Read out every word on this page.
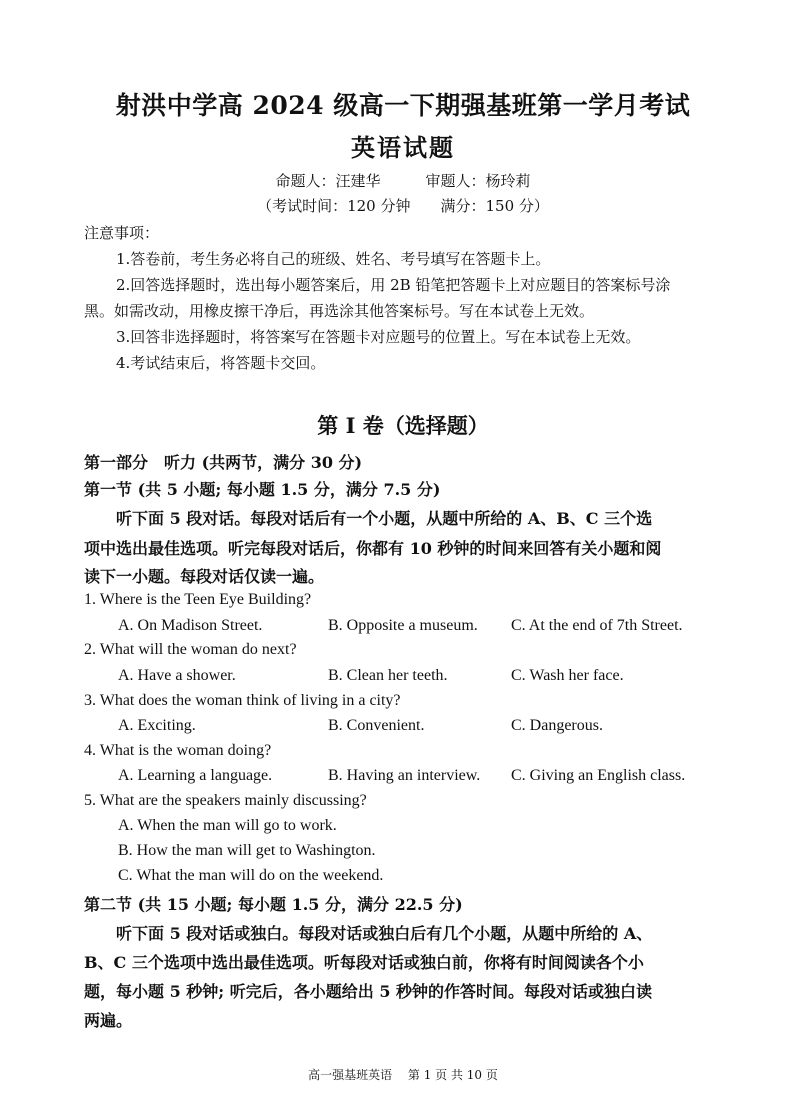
射洪中学高 2024 级高一下期强基班第一学月考试
英语试题
命题人：汪建华　　　审题人：杨玲莉
（考试时间：120 分钟　　满分：150 分）
注意事项：
1.答卷前，考生务必将自己的班级、姓名、考号填写在答题卡上。
2.回答选择题时，选出每小题答案后，用 2B 铅笔把答题卡上对应题目的答案标号涂
黑。如需改动，用橡皮擦干净后，再选涂其他答案标号。写在本试卷上无效。
3.回答非选择题时，将答案写在答题卡对应题号的位置上。写在本试卷上无效。
4.考试结束后，将答题卡交回。
第 I 卷（选择题）
第一部分　听力 (共两节，满分 30 分)
第一节 (共 5 小题; 每小题 1.5 分，满分 7.5 分)
听下面 5 段对话。每段对话后有一个小题，从题中所给的 A、B、C 三个选
项中选出最佳选项。听完每段对话后，你都有 10 秒钟的时间来回答有关小题和阅
读下一小题。每段对话仅读一遍。
1. Where is the Teen Eye Building?
A. On Madison Street.	B. Opposite a museum. C. At the end of 7th Street.
2. What will the woman do next?
A. Have a shower.	B. Clean her teeth.	C. Wash her face.
3. What does the woman think of living in a city?
A. Exciting.	B. Convenient.	C. Dangerous.
4. What is the woman doing?
A. Learning a language.	B. Having an interview. C. Giving an English class.
5. What are the speakers mainly discussing?
A. When the man will go to work.
B. How the man will get to Washington.
C. What the man will do on the weekend.
第二节 (共 15 小题; 每小题 1.5 分，满分 22.5 分)
听下面 5 段对话或独白。每段对话或独白后有几个小题，从题中所给的 A、
B、C 三个选项中选出最佳选项。听每段对话或独白前，你将有时间阅读各个小
题，每小题 5 秒钟; 听完后，各小题给出 5 秒钟的作答时间。每段对话或独白读
两遍。
高一强基班英语　 第 1 页 共 10 页
